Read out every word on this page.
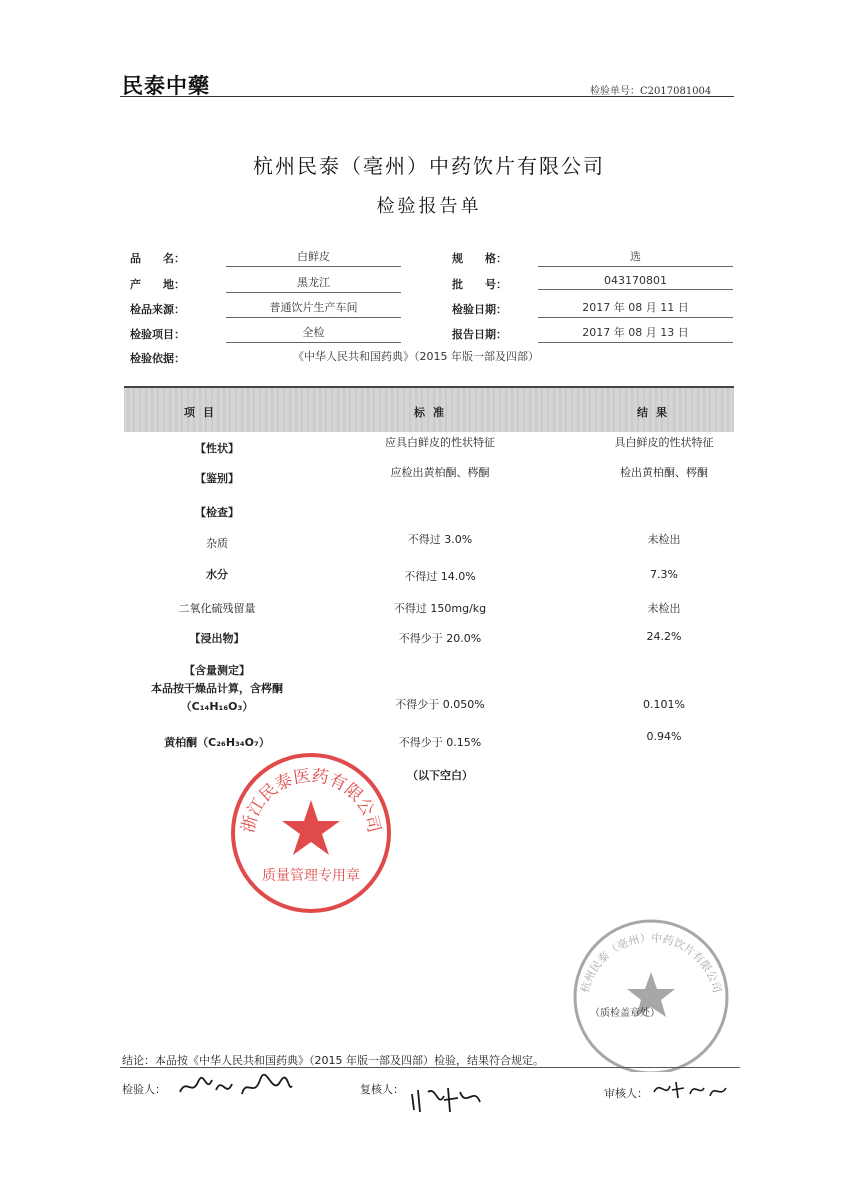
民泰中藥	检验单号：C2017081004
杭州民泰（亳州）中药饮片有限公司
检验报告单
品　　名：	白鲜皮	规　　格：	选
产　　地：	黑龙江	批　　号：	043170801
检品来源：	普通饮片生产车间	检验日期：	2017 年 08 月 11 日
检验项目：	全检	报告日期：	2017 年 08 月 13 日
检验依据：	《中华人民共和国药典》（2015 年版一部及四部）
项目	标准	结果
【性状】	应具白鲜皮的性状特征	具白鲜皮的性状特征
【鉴别】	应检出黄柏酮、梣酮	检出黄柏酮、梣酮
【检查】
杂质	不得过 3.0%	未检出
水分	不得过 14.0%	7.3%
二氧化硫残留量	不得过 150mg/kg	未检出
【浸出物】	不得少于 20.0%	24.2%
【含量测定】
本品按干燥品计算，含梣酮
（C₁₄H₁₆O₃）	不得少于 0.050%	0.101%
黄柏酮（C₂₆H₃₄O₇）	不得少于 0.15%	0.94%
（以下空白）
浙江民泰医药有限公司
质量管理专用章
杭州民泰（亳州）中药饮片有限公司
（质检盖章处）
结论：本品按《中华人民共和国药典》（2015 年版一部及四部）检验，结果符合规定。
检验人：	复核人：	审核人：
